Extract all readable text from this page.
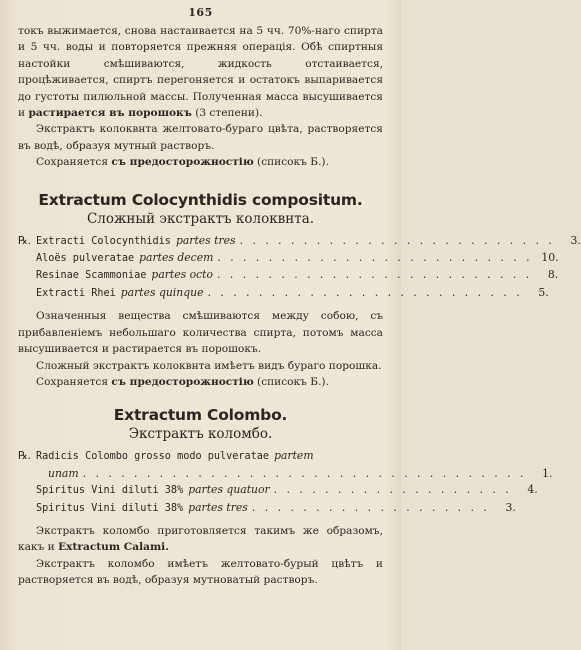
165

токъ выжимается, снова настаивается на 5 чч. 70%-наго спирта и 5 чч. воды и повторяется прежняя операція. Обѣ спиртныя настойки смѣшиваются, жидкость отстаивается, процѣживается, спиртъ перегоняется и остатокъ выпаривается до густоты пилюльной массы. Полученная масса высушивается и растирается въ порошокъ (3 степени).

Экстрактъ колоквнта желтовато-бураго цвѣта, растворяется въ водѣ, образуя мутный растворъ.

Сохраняется съ предосторожностію (списокъ Б.).

Extractum Colocynthidis compositum.
Сложный экстрактъ колоквнта.
℞. Extracti Colocynthidis partes tres . . . . . . . . . . . . . . . . . . . . . . . . .	3.
Aloës pulveratae partes decem . . . . . . . . . . . . . . . . . . . . . . . . . 10.
Resinae Scammoniae partes octo . . . . . . . . . . . . . . . . . . . . . . . . .	8.
Extracti Rhei partes quinque . . . . . . . . . . . . . . . . . . . . . . . . .	5.

Означенныя вещества смѣшиваются между собою, съ прибавленіемъ небольшаго количества спирта, потомъ масса высушивается и растирается въ порошокъ.

Сложный экстрактъ колоквнта имѣетъ видъ бураго порошка.

Сохраняется съ предосторожностію (списокъ Б.).

Extractum Colombo.
Экстрактъ коломбо.
℞. Radicis Colombo grosso modo pulveratae partem
unam . . . . . . . . . . . . . . . . . . . . . . . . . . . . . . . . . . .	1.
Spiritus Vini diluti 38% partes quatuor . . . . . . . . . . . . . . . . . . .	4.
Spiritus Vini diluti 38% partes tres . . . . . . . . . . . . . . . . . . .	3.

Экстрактъ коломбо приготовляется такимъ же образомъ, какъ и Extractum Calami.

Экстрактъ коломбо имѣетъ желтовато-бурый цвѣтъ и растворяется въ водѣ, образуя мутноватый растворъ.
